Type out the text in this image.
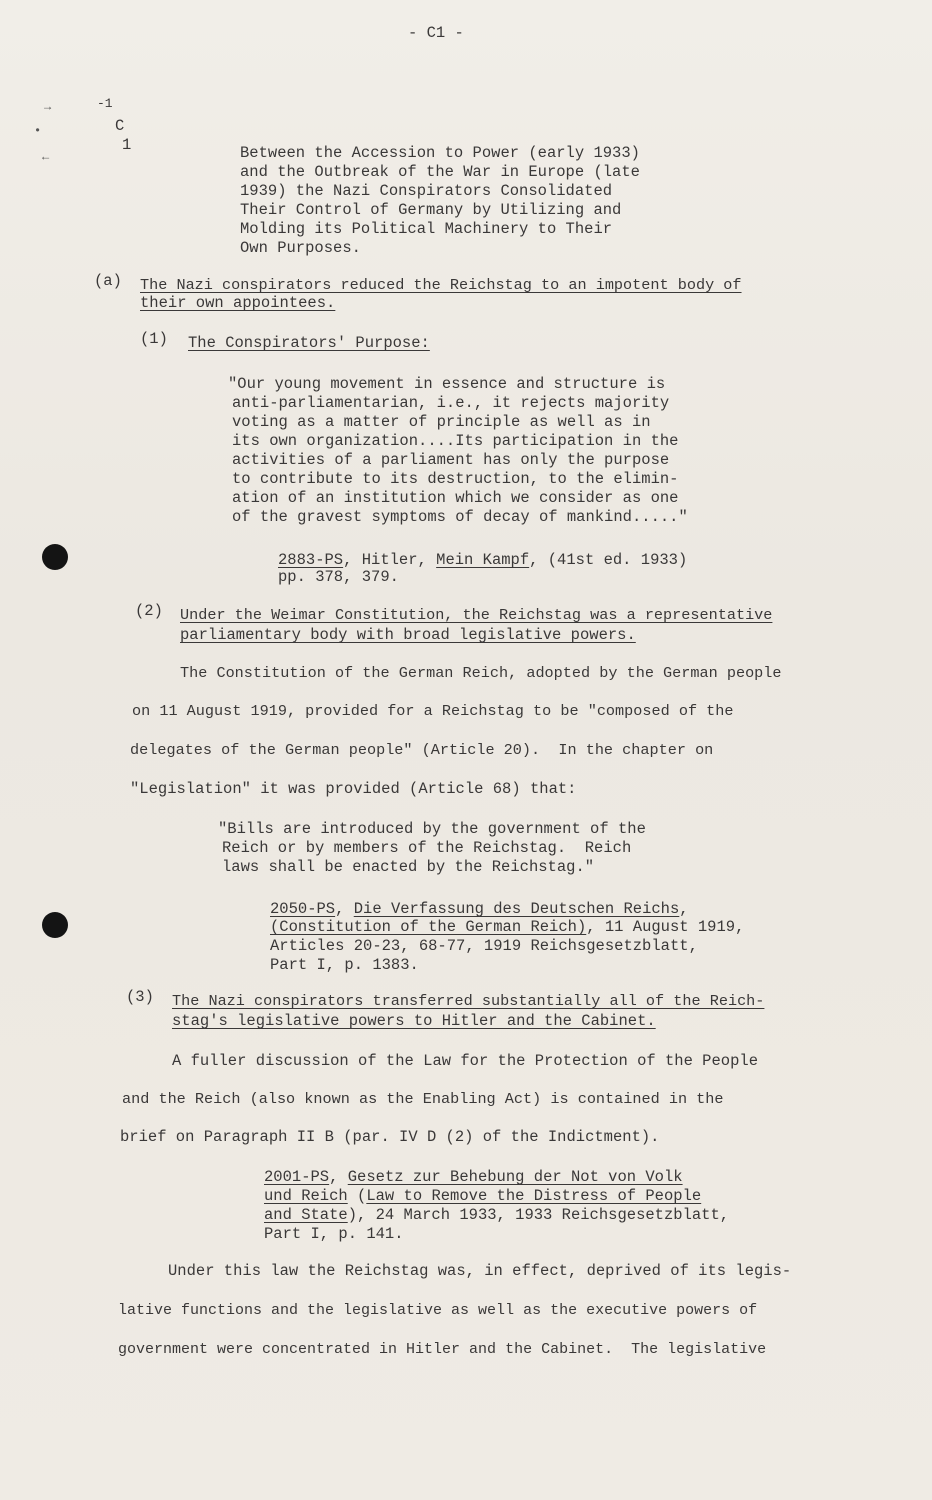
→
•
←
- C1 -
-1
C
1	Between the Accession to Power (early 1933)
and the Outbreak of the War in Europe (late
1939) the Nazi Conspirators Consolidated
Their Control of Germany by Utilizing and
Molding its Political Machinery to Their
Own Purposes.
(a) The Nazi conspirators reduced the Reichstag to an impotent body of
their own appointees.
(1) The Conspirators' Purpose:
"Our young movement in essence and structure is
anti-parliamentarian, i.e., it rejects majority
voting as a matter of principle as well as in
its own organization....Its participation in the
activities of a parliament has only the purpose
to contribute to its destruction, to the elimin-
ation of an institution which we consider as one
of the gravest symptoms of decay of mankind....."
2883-PS, Hitler, Mein Kampf, (41st ed. 1933)
pp. 378, 379.
(2) Under the Weimar Constitution, the Reichstag was a representative
parliamentary body with broad legislative powers.
The Constitution of the German Reich, adopted by the German people
on 11 August 1919, provided for a Reichstag to be "composed of the
delegates of the German people" (Article 20).  In the chapter on
"Legislation" it was provided (Article 68) that:
"Bills are introduced by the government of the
Reich or by members of the Reichstag.  Reich
laws shall be enacted by the Reichstag."
2050-PS, Die Verfassung des Deutschen Reichs,
(Constitution of the German Reich), 11 August 1919,
Articles 20-23, 68-77, 1919 Reichsgesetzblatt,
Part I, p. 1383.
(3) The Nazi conspirators transferred substantially all of the Reich-
stag's legislative powers to Hitler and the Cabinet.
A fuller discussion of the Law for the Protection of the People
and the Reich (also known as the Enabling Act) is contained in the
brief on Paragraph II B (par. IV D (2) of the Indictment).
2001-PS, Gesetz zur Behebung der Not von Volk
und Reich (Law to Remove the Distress of People
and State), 24 March 1933, 1933 Reichsgesetzblatt,
Part I, p. 141.
Under this law the Reichstag was, in effect, deprived of its legis-
lative functions and the legislative as well as the executive powers of
government were concentrated in Hitler and the Cabinet.  The legislative
